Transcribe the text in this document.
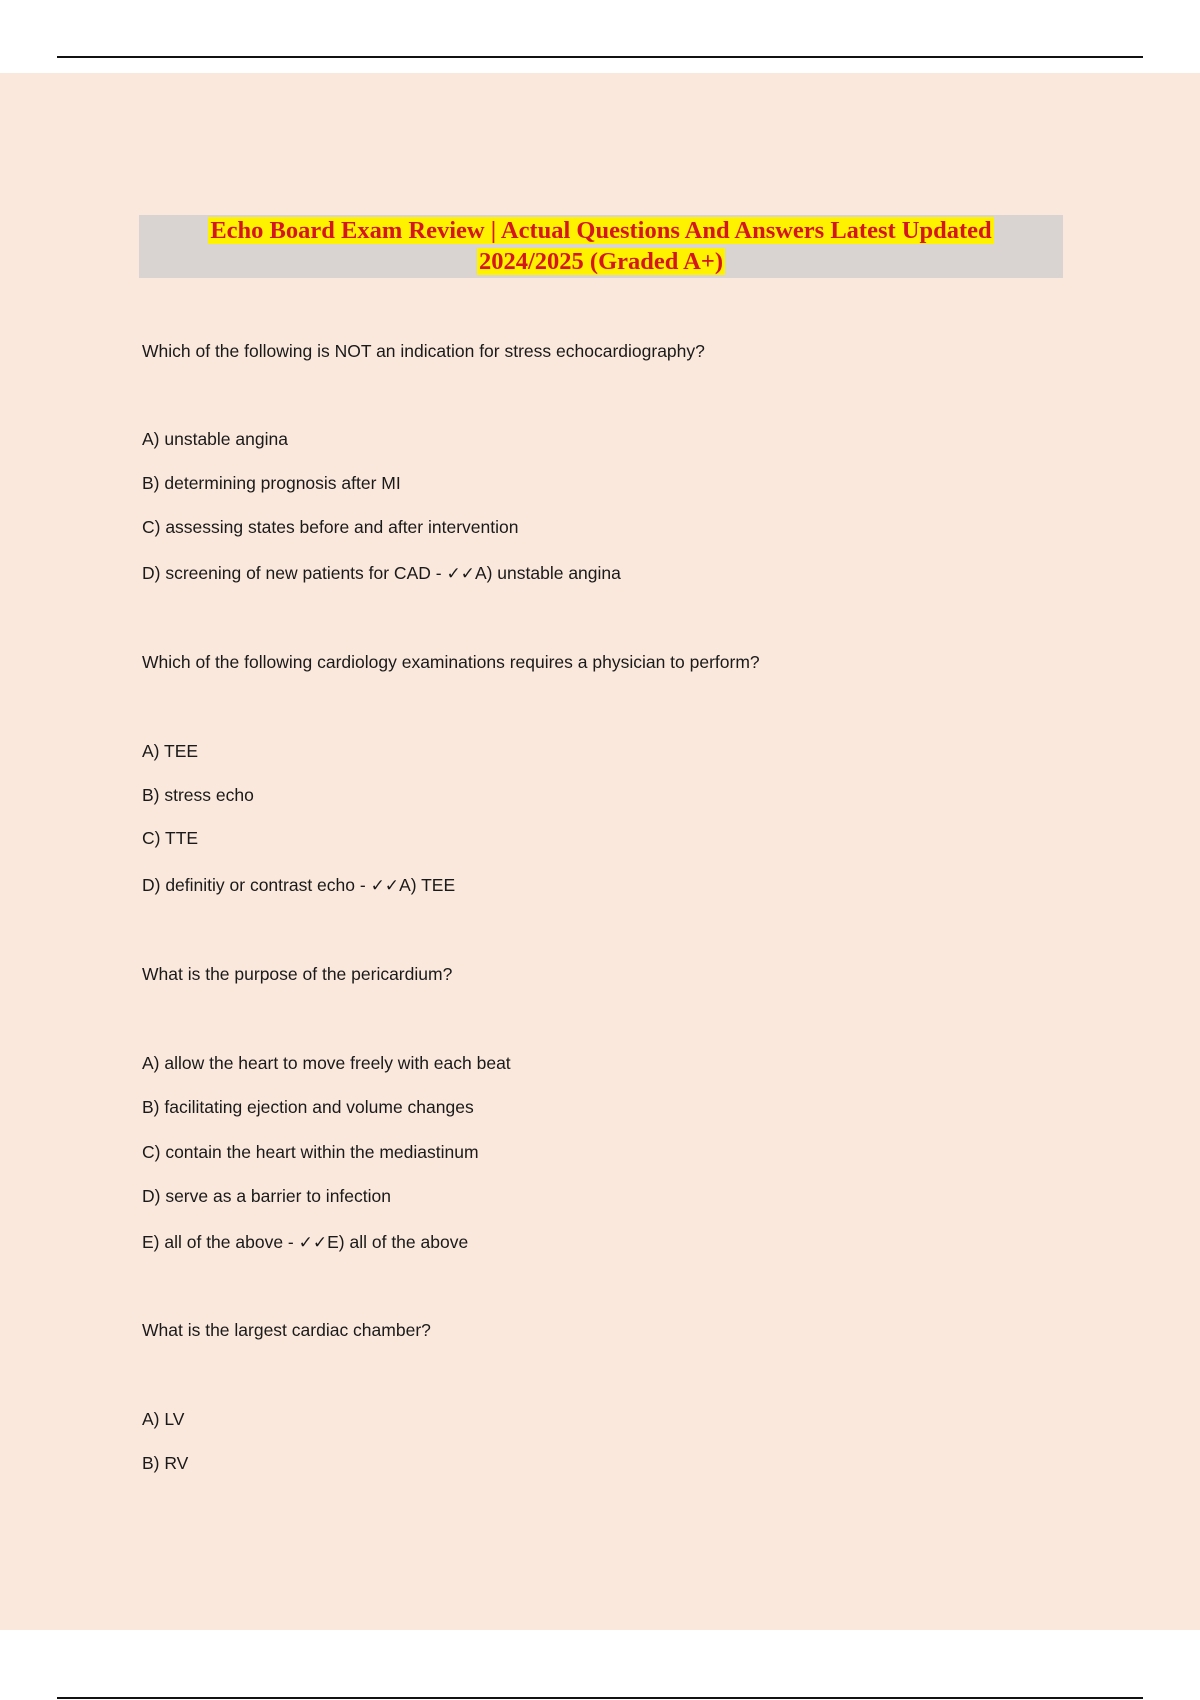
Echo Board Exam Review | Actual Questions And Answers Latest Updated
2024/2025 (Graded A+)
Which of the following is NOT an indication for stress echocardiography?
A) unstable angina
B) determining prognosis after MI
C) assessing states before and after intervention
D) screening of new patients for CAD - ✓✓A) unstable angina
Which of the following cardiology examinations requires a physician to perform?
A) TEE
B) stress echo
C) TTE
D) definitiy or contrast echo - ✓✓A) TEE
What is the purpose of the pericardium?
A) allow the heart to move freely with each beat
B) facilitating ejection and volume changes
C) contain the heart within the mediastinum
D) serve as a barrier to infection
E) all of the above - ✓✓E) all of the above
What is the largest cardiac chamber?
A) LV
B) RV
